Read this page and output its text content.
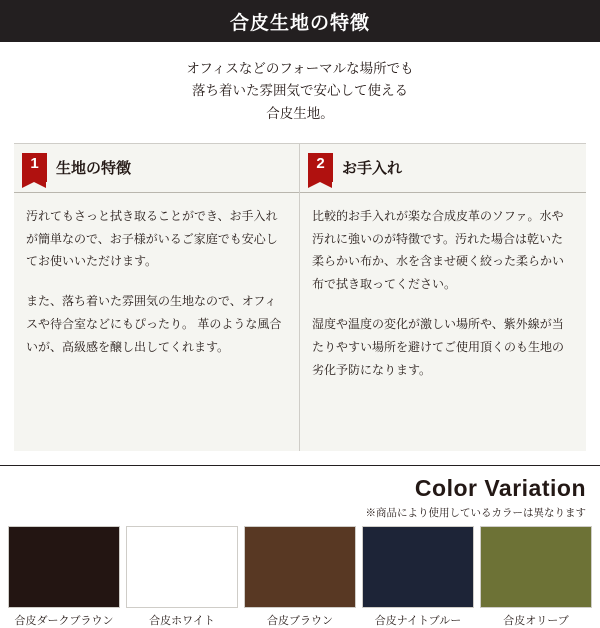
合皮生地の特徴

オフィスなどのフォーマルな場所でも

落ち着いた雰囲気で安心して使える

合皮生地。

1	生地の特徴

汚れてもさっと拭き取ることができ、お手入れが簡単なので、お子様がいるご家庭でも安心してお使いいただけます。

また、落ち着いた雰囲気の生地なので、オフィスや待合室などにもぴったり。 革のような風合いが、高級感を醸し出してくれます。

2	お手入れ

比較的お手入れが楽な合成皮革のソファ。水や汚れに強いのが特徴です。汚れた場合は乾いた柔らかい布か、水を含ませ硬く絞った柔らかい布で拭き取ってください。

湿度や温度の変化が激しい場所や、紫外線が当たりやすい場所を避けてご使用頂くのも生地の劣化予防になります。

Color Variation
※商品により使用しているカラーは異なります
合皮ダークブラウン	合皮ホワイト	合皮ブラウン	合皮ナイトブルー	合皮オリーブ
